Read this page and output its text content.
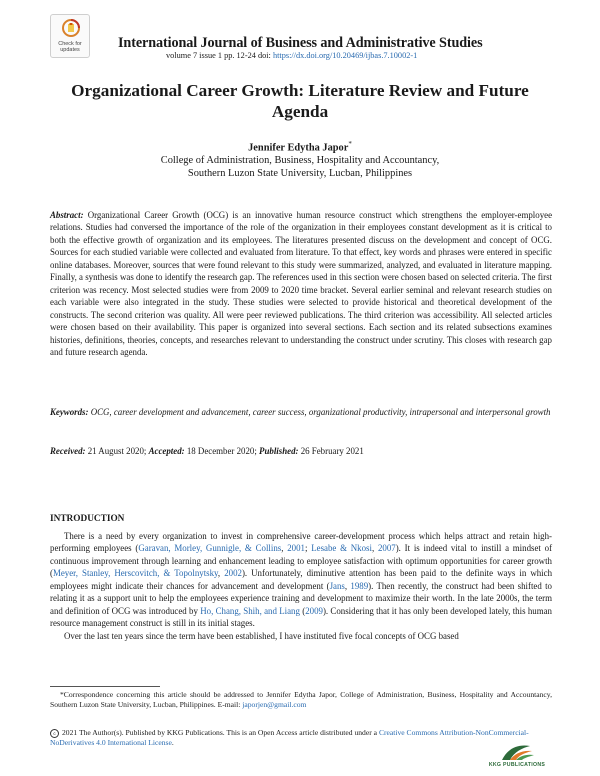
Check for
updates	International Journal of Business and Administrative Studies
volume 7 issue 1 pp. 12-24 doi: https://dx.doi.org/10.20469/ijbas.7.10002-1
Organizational Career Growth: Literature Review and Future Agenda
Jennifer Edytha Japor*
College of Administration, Business, Hospitality and Accountancy,
Southern Luzon State University, Lucban, Philippines
Abstract: Organizational Career Growth (OCG) is an innovative human resource construct which strengthens the employer-employee relations. Studies had conversed the importance of the role of the organization in their employees constant development as it is critical to both the effective growth of organization and its employees. The literatures presented discuss on the development and concept of OCG. Sources for each studied variable were collected and evaluated from literature. To that effect, key words and phrases were entered in specific online databases. Moreover, sources that were found relevant to this study were summarized, analyzed, and evaluated in literature mapping. Finally, a synthesis was done to identify the research gap. The references used in this section were chosen based on selected criteria. The first criterion was recency. Most selected studies were from 2009 to 2020 time bracket. Several earlier seminal and relevant research studies on each variable were also integrated in the study. These studies were selected to provide historical and theoretical development of the constructs. The second criterion was quality. All were peer reviewed publications. The third criterion was accessibility. All selected articles were chosen based on their availability. This paper is organized into several sections. Each section and its related subsections examines histories, definitions, theories, concepts, and researches relevant to understanding the construct under scrutiny. This closes with research gap and future research agenda.
Keywords: OCG, career development and advancement, career success, organizational productivity, intrapersonal and interpersonal growth
Received: 21 August 2020; Accepted: 18 December 2020; Published: 26 February 2021
INTRODUCTION

There is a need by every organization to invest in comprehensive career-development process which helps attract and retain high-performing employees (Garavan, Morley, Gunnigle, & Collins, 2001; Lesabe & Nkosi, 2007). It is indeed vital to instill a mindset of continuous improvement through learning and enhancement leading to employee satisfaction with optimum opportunities for career growth (Meyer, Stanley, Herscovitch, & Topolnytsky, 2002). Unfortunately, diminutive attention has been paid to the definite ways in which employees might indicate their chances for advancement and development (Jans, 1989). Then recently, the construct had been shifted to relating it as a support unit to help the employees experience training and development to maximize their worth. In the late 2000s, the term and definition of OCG was introduced by Ho, Chang, Shih, and Liang (2009). Considering that it has only been developed lately, this human resource management construct is still in its initial stages.

Over the last ten years since the term have been established, I have instituted five focal concepts of OCG based

*Correspondence concerning this article should be addressed to Jennifer Edytha Japor, College of Administration, Business, Hospitality and Accountancy, Southern Luzon State University, Lucban, Philippines. E-mail: japorjen@gmail.com
c 2021 The Author(s). Published by KKG Publications. This is an Open Access article distributed under a Creative Commons Attribution-NonCommercial-NoDerivatives 4.0 International License.
KKG PUBLICATIONS
